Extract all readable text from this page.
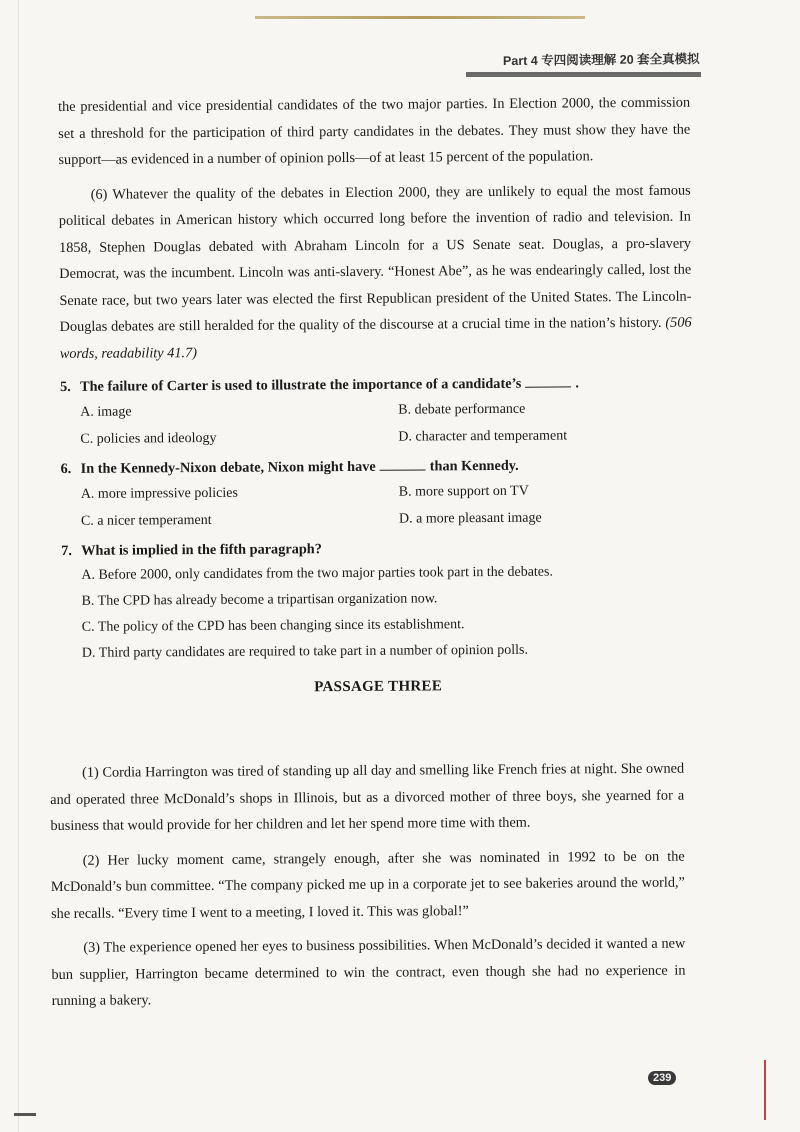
Part 4 专四阅读理解 20 套全真模拟

the presidential and vice presidential candidates of the two major parties. In Election 2000, the commission set a threshold for the participation of third party candidates in the debates. They must show they have the support—as evidenced in a number of opinion polls—of at least 15 percent of the population.

(6) Whatever the quality of the debates in Election 2000, they are unlikely to equal the most famous political debates in American history which occurred long before the invention of radio and television. In 1858, Stephen Douglas debated with Abraham Lincoln for a US Senate seat. Douglas, a pro-slavery Democrat, was the incumbent. Lincoln was anti-slavery. “Honest Abe”, as he was endearingly called, lost the Senate race, but two years later was elected the first Republican president of the United States. The Lincoln-Douglas debates are still heralded for the quality of the discourse at a crucial time in the nation’s history. (506 words, readability 41.7)

5. The failure of Carter is used to illustrate the importance of a candidate’s	.
A. image	B. debate performance
C. policies and ideology	D. character and temperament
6. In the Kennedy-Nixon debate, Nixon might have	than Kennedy.
A. more impressive policies	B. more support on TV
C. a nicer temperament	D. a more pleasant image
7. What is implied in the fifth paragraph?
A. Before 2000, only candidates from the two major parties took part in the debates.
B. The CPD has already become a tripartisan organization now.
C. The policy of the CPD has been changing since its establishment.
D. Third party candidates are required to take part in a number of opinion polls.
PASSAGE THREE

(1) Cordia Harrington was tired of standing up all day and smelling like French fries at night. She owned and operated three McDonald’s shops in Illinois, but as a divorced mother of three boys, she yearned for a business that would provide for her children and let her spend more time with them.

(2) Her lucky moment came, strangely enough, after she was nominated in 1992 to be on the McDonald’s bun committee. “The company picked me up in a corporate jet to see bakeries around the world,” she recalls. “Every time I went to a meeting, I loved it. This was global!”

(3) The experience opened her eyes to business possibilities. When McDonald’s decided it wanted a new bun supplier, Harrington became determined to win the contract, even though she had no experience in running a bakery.

239
